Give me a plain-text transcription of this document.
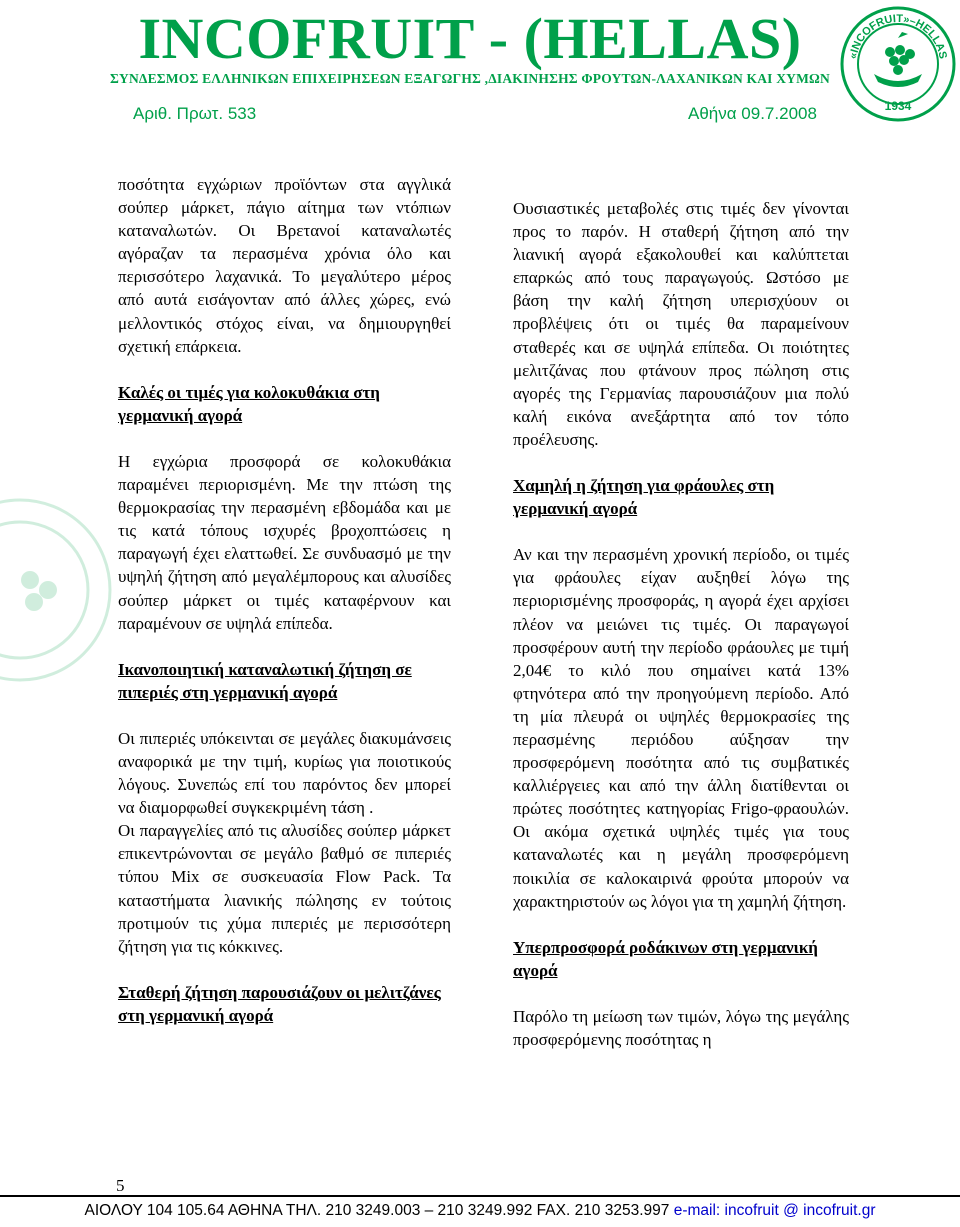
INCOFRUIT - (HELLAS)
ΣΥΝΔΕΣΜΟΣ ΕΛΛΗΝΙΚΩΝ ΕΠΙΧΕΙΡΗΣΕΩΝ ΕΞΑΓΩΓΗΣ ,ΔΙΑΚΙΝΗΣΗΣ ΦΡΟΥΤΩΝ-ΛΑΧΑΝΙΚΩΝ ΚΑΙ ΧΥΜΩΝ
Αριθ. Πρωτ. 533	Αθήνα 09.7.2008
«INCOFRUIT»–HELLAS
1934

ποσότητα εγχώριων προϊόντων στα αγγλικά σούπερ μάρκετ, πάγιο αίτημα των ντόπιων καταναλωτών. Οι Βρετανοί καταναλωτές αγόραζαν τα περασμένα χρόνια όλο και περισσότερο λαχανικά. Το μεγαλύτερο μέρος από αυτά εισάγονταν από άλλες χώρες, ενώ μελλοντικός στόχος είναι, να δημιουργηθεί σχετική επάρκεια.

Καλές οι τιμές για κολοκυθάκια στη γερμανική αγορά

Η εγχώρια προσφορά σε κολοκυθάκια παραμένει περιορισμένη. Με την πτώση της θερμοκρασίας την περασμένη εβδομάδα και με τις κατά τόπους ισχυρές βροχοπτώσεις η παραγωγή έχει ελαττωθεί. Σε συνδυασμό με την υψηλή ζήτηση από μεγαλέμπορους και αλυσίδες σούπερ μάρκετ οι τιμές καταφέρνουν και παραμένουν σε υψηλά επίπεδα.

Ικανοποιητική καταναλωτική ζήτηση σε πιπεριές στη γερμανική αγορά

Οι πιπεριές υπόκεινται σε μεγάλες διακυμάνσεις αναφορικά με την τιμή, κυρίως για ποιοτικούς λόγους. Συνεπώς επί του παρόντος δεν μπορεί να διαμορφωθεί συγκεκριμένη τάση .

Οι παραγγελίες από τις αλυσίδες σούπερ μάρκετ επικεντρώνονται σε μεγάλο βαθμό σε πιπεριές τύπου Mix σε συσκευασία Flow Pack. Τα καταστήματα λιανικής πώλησης εν τούτοις προτιμούν τις χύμα πιπεριές με περισσότερη ζήτηση για τις κόκκινες.

Σταθερή ζήτηση παρουσιάζουν οι μελιτζάνες στη γερμανική αγορά

Ουσιαστικές μεταβολές στις τιμές δεν γίνονται προς το παρόν. Η σταθερή ζήτηση από την λιανική αγορά εξακολουθεί και καλύπτεται επαρκώς από τους παραγωγούς. Ωστόσο με βάση την καλή ζήτηση υπερισχύουν οι προβλέψεις ότι οι τιμές θα παραμείνουν σταθερές και σε υψηλά επίπεδα. Οι ποιότητες μελιτζάνας που φτάνουν προς πώληση στις αγορές της Γερμανίας παρουσιάζουν μια πολύ καλή εικόνα ανεξάρτητα από τον τόπο προέλευσης.

Χαμηλή η ζήτηση για φράουλες στη γερμανική αγορά

Αν και την περασμένη χρονική περίοδο, οι τιμές για φράουλες είχαν αυξηθεί λόγω της περιορισμένης προσφοράς, η αγορά έχει αρχίσει πλέον να μειώνει τις τιμές. Οι παραγωγοί προσφέρουν αυτή την περίοδο φράουλες με τιμή 2,04€ το κιλό που σημαίνει κατά 13% φτηνότερα από την προηγούμενη περίοδο. Από τη μία πλευρά οι υψηλές θερμοκρασίες της περασμένης περιόδου αύξησαν την προσφερόμενη ποσότητα από τις συμβατικές καλλιέργειες και από την άλλη διατίθενται οι πρώτες ποσότητες κατηγορίας Frigo-φραουλών. Οι ακόμα σχετικά υψηλές τιμές για τους καταναλωτές και η μεγάλη προσφερόμενη ποικιλία σε καλοκαιρινά φρούτα μπορούν να χαρακτηριστούν ως λόγοι για τη χαμηλή ζήτηση.

Υπερπροσφορά ροδάκινων στη γερμανική αγορά

Παρόλο τη μείωση των τιμών, λόγω της μεγάλης προσφερόμενης ποσότητας η

5
ΑΙΟΛΟΥ 104 105.64 ΑΘΗΝΑ ΤΗΛ. 210 3249.003 – 210 3249.992 FAX. 210 3253.997 e-mail: incofruit @ incofruit.gr
